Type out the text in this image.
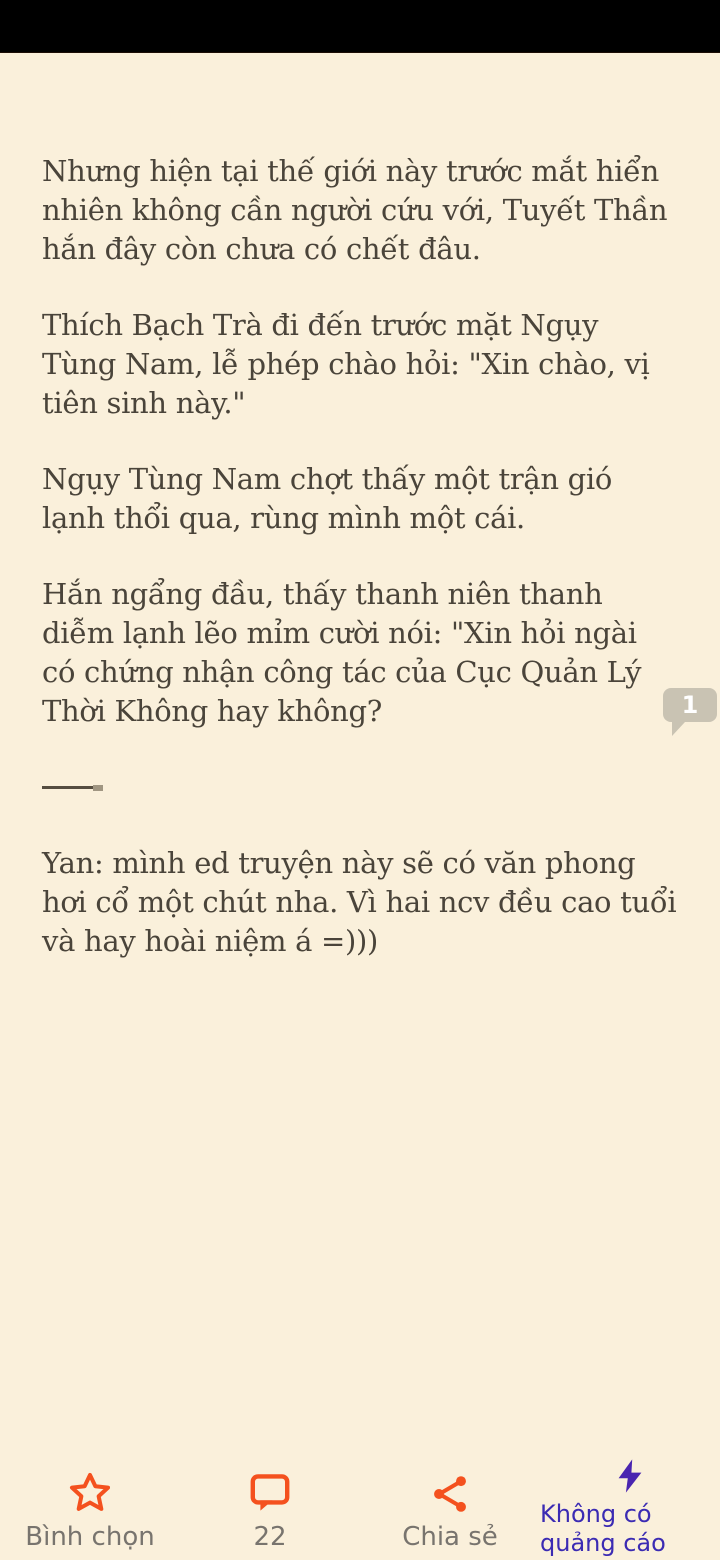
Nhưng hiện tại thế giới này trước mắt hiển nhiên không cần người cứu với, Tuyết Thần hắn đây còn chưa có chết đâu.

Thích Bạch Trà đi đến trước mặt Ngụy Tùng Nam, lễ phép chào hỏi: "Xin chào, vị tiên sinh này."

Ngụy Tùng Nam chợt thấy một trận gió lạnh thổi qua, rùng mình một cái.

Hắn ngẩng đầu, thấy thanh niên thanh diễm lạnh lẽo mỉm cười nói: "Xin hỏi ngài có chứng nhận công tác của Cục Quản Lý Thời Không hay không?

Yan: mình ed truyện này sẽ có văn phong hơi cổ một chút nha. Vì hai ncv đều cao tuổi và hay hoài niệm á =)))

1
Bình chọn	22	Chia sẻ
Không có quảng cáo
